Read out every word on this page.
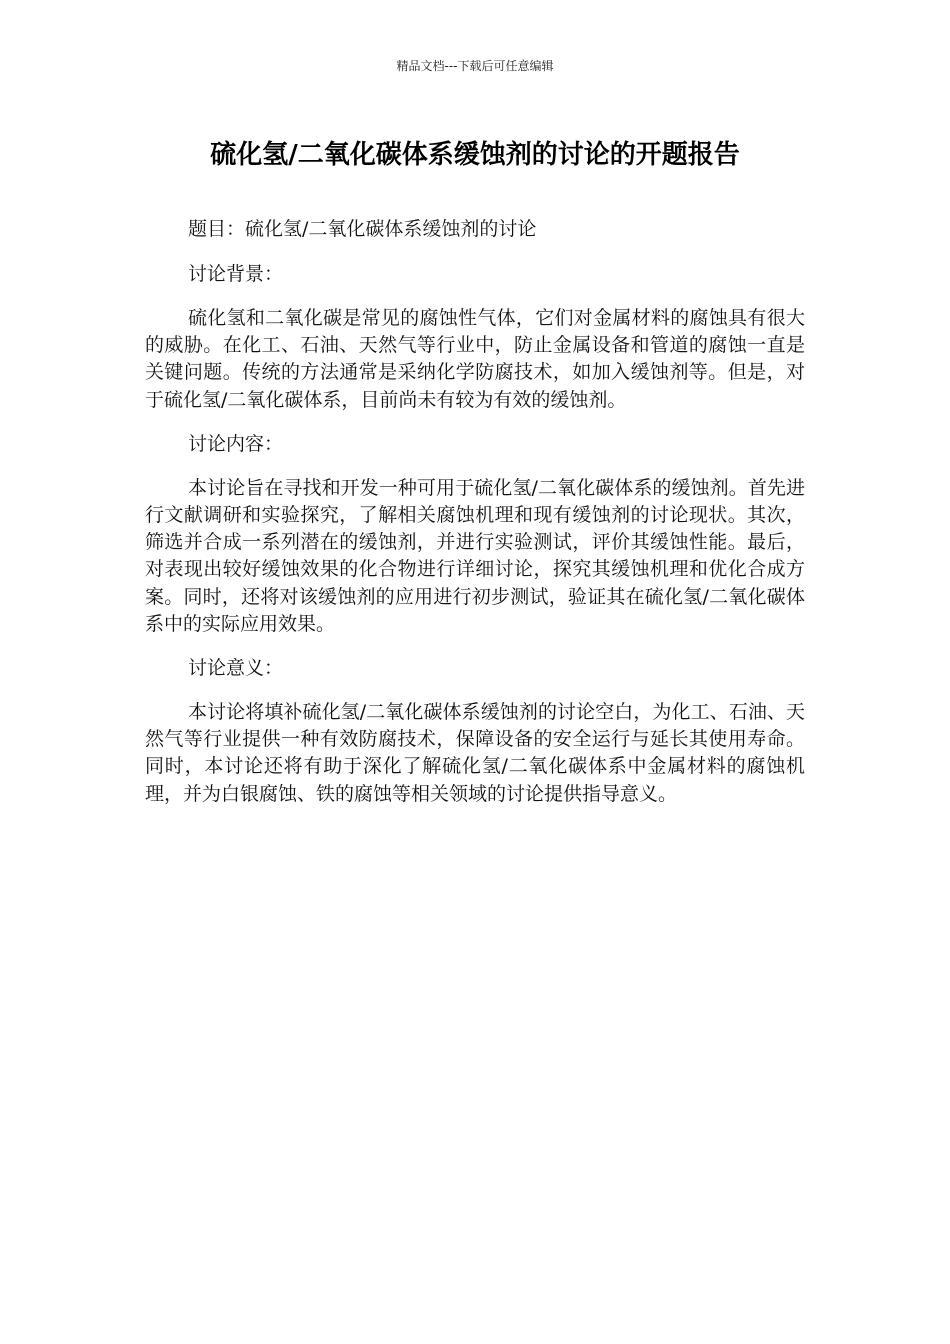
精品文档---下载后可任意编辑
硫化氢/二氧化碳体系缓蚀剂的讨论的开题报告

题目：硫化氢/二氧化碳体系缓蚀剂的讨论

讨论背景：

硫化氢和二氧化碳是常见的腐蚀性气体，它们对金属材料的腐蚀具有很大的威胁。在化工、石油、天然气等行业中，防止金属设备和管道的腐蚀一直是关键问题。传统的方法通常是采纳化学防腐技术，如加入缓蚀剂等。但是，对于硫化氢/二氧化碳体系，目前尚未有较为有效的缓蚀剂。

讨论内容：

本讨论旨在寻找和开发一种可用于硫化氢/二氧化碳体系的缓蚀剂。首先进行文献调研和实验探究，了解相关腐蚀机理和现有缓蚀剂的讨论现状。其次，筛选并合成一系列潜在的缓蚀剂，并进行实验测试，评价其缓蚀性能。最后，对表现出较好缓蚀效果的化合物进行详细讨论，探究其缓蚀机理和优化合成方案。同时，还将对该缓蚀剂的应用进行初步测试，验证其在硫化氢/二氧化碳体系中的实际应用效果。

讨论意义：

本讨论将填补硫化氢/二氧化碳体系缓蚀剂的讨论空白，为化工、石油、天然气等行业提供一种有效防腐技术，保障设备的安全运行与延长其使用寿命。同时，本讨论还将有助于深化了解硫化氢/二氧化碳体系中金属材料的腐蚀机理，并为白银腐蚀、铁的腐蚀等相关领域的讨论提供指导意义。
